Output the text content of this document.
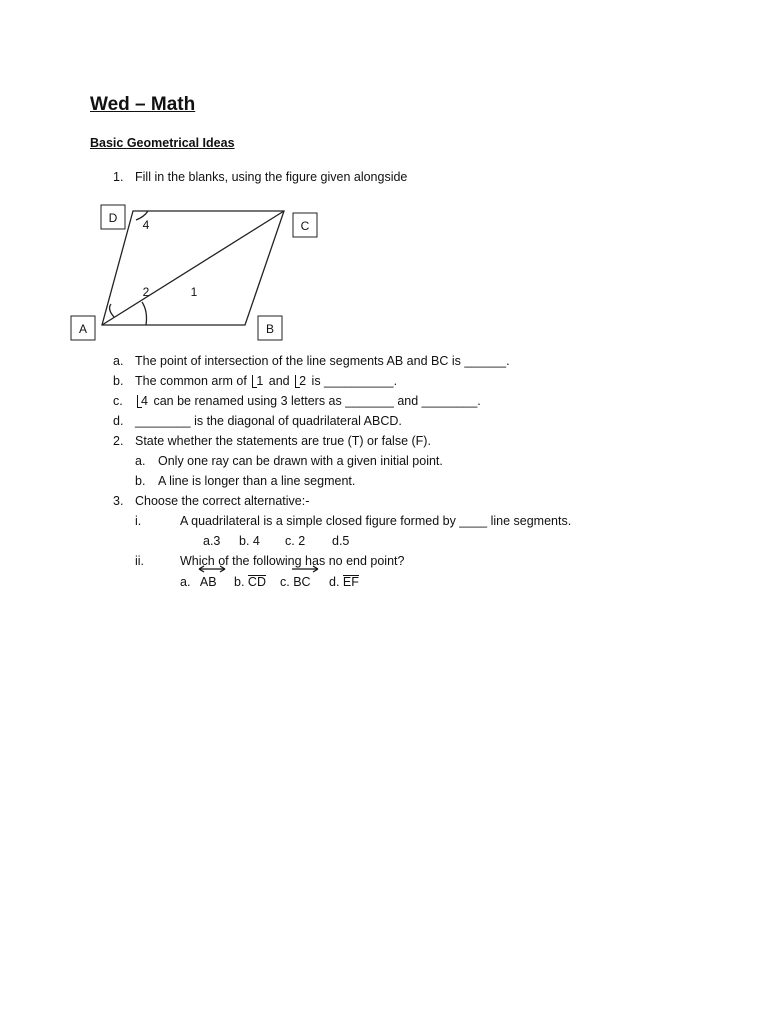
Wed – Math
Basic Geometrical Ideas
1. Fill in the blanks, using the figure given alongside
A	B
C
D
1
2
4
a. The point of intersection of the line segments AB and BC is ______.
b. The common arm of 1 and 2 is __________.
c.	4 can be renamed using 3 letters as _______ and ________.
d. ________ is the diagonal of quadrilateral ABCD.
2. State whether the statements are true (T) or false (F).
a. Only one ray can be drawn with a given initial point.
b. A line is longer than a line segment.
3. Choose the correct alternative:-
i.	A quadrilateral is a simple closed figure formed by ____ line segments.
a.3 b. 4 c. 2 d.5
ii.	Which of the following has no end point?
a. AB b. CD c. BC d. EF
